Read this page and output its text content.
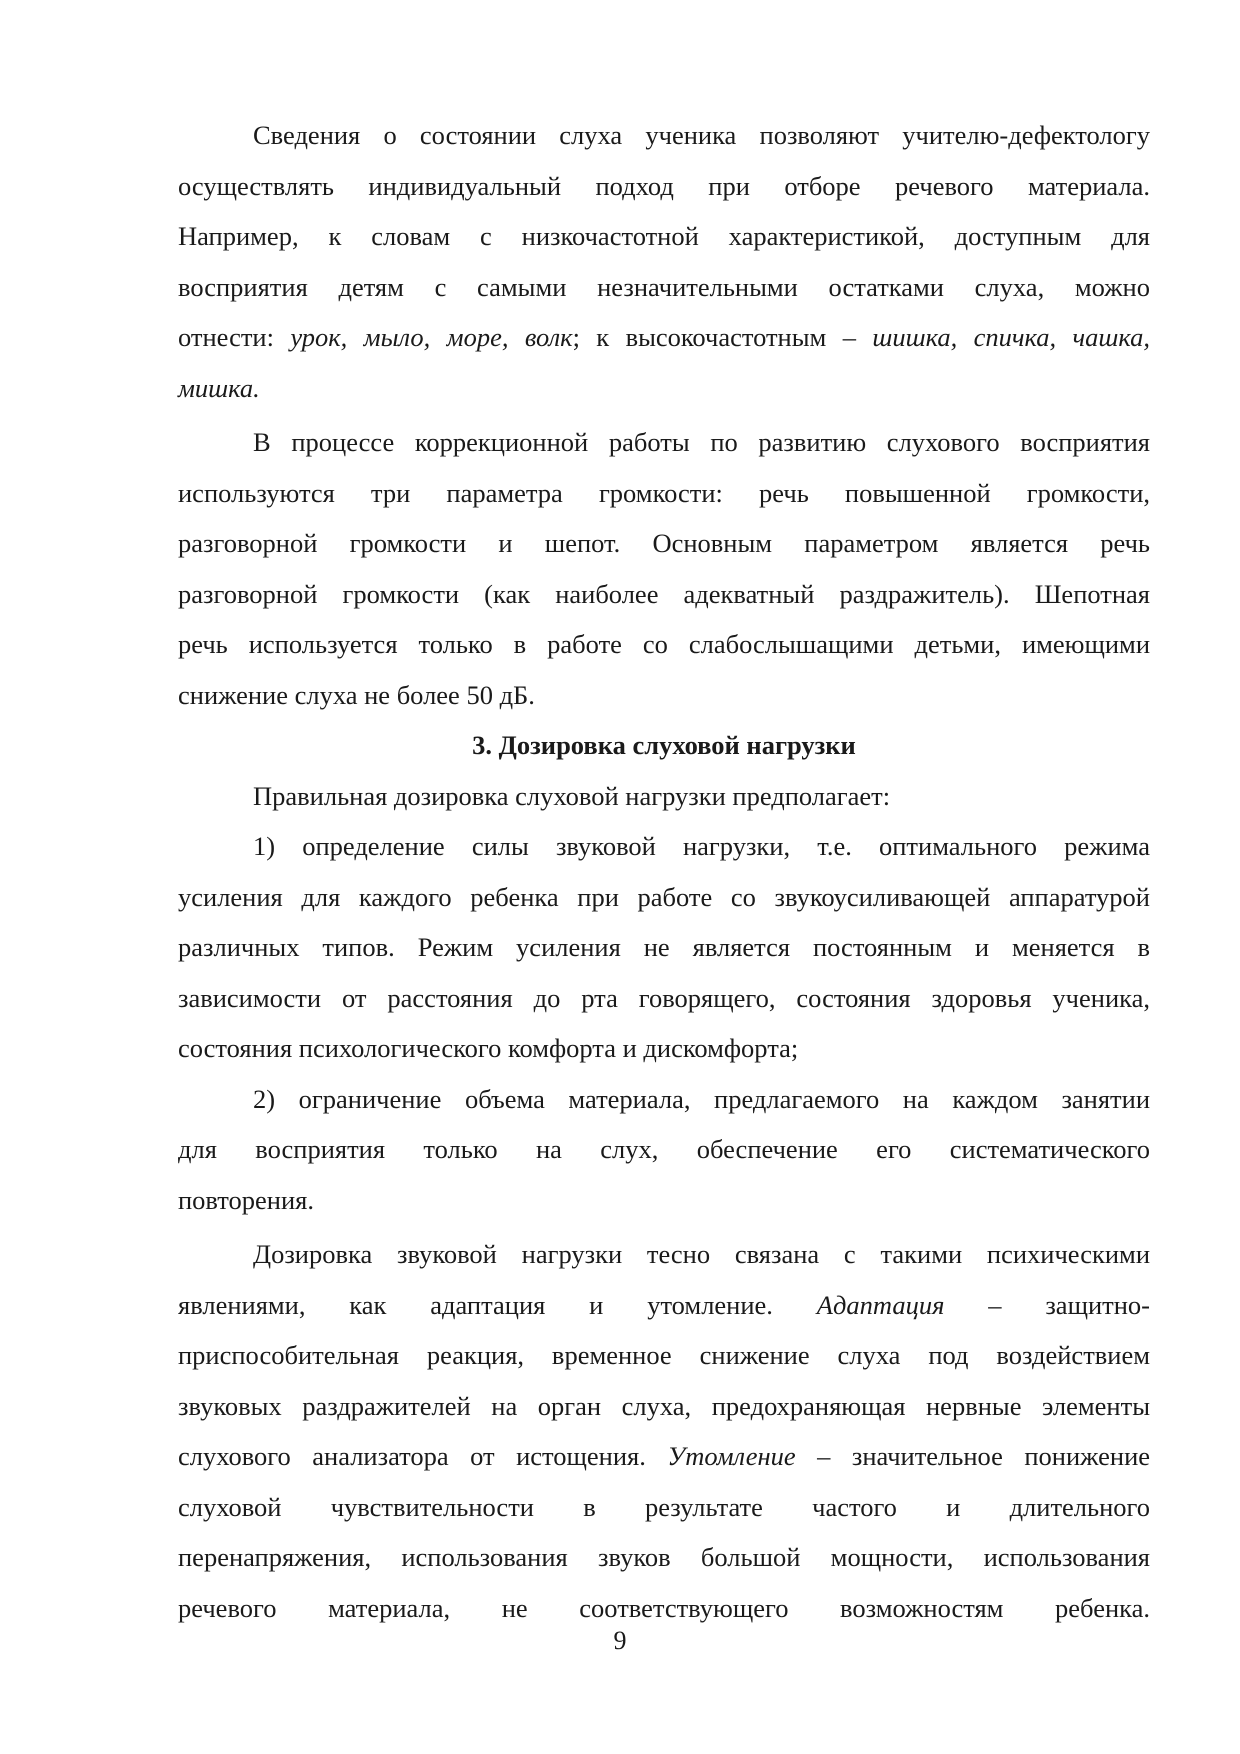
Сведения о состоянии слуха ученика позволяют учителю-дефектологу
осуществлять индивидуальный подход при отборе речевого материала.
Например, к словам с низкочастотной характеристикой, доступным для
восприятия детям с самыми незначительными остатками слуха, можно
отнести: урок, мыло, море, волк; к высокочастотным – шишка, спичка, чашка,
мишка.
В процессе коррекционной работы по развитию слухового восприятия
используются три параметра громкости: речь повышенной громкости,
разговорной громкости и шепот. Основным параметром является речь
разговорной громкости (как наиболее адекватный раздражитель). Шепотная
речь используется только в работе со слабослышащими детьми, имеющими
снижение слуха не более 50 дБ.
3. Дозировка слуховой нагрузки
Правильная дозировка слуховой нагрузки предполагает:
1) определение силы звуковой нагрузки, т.е. оптимального режима
усиления для каждого ребенка при работе со звукоусиливающей аппаратурой
различных типов. Режим усиления не является постоянным и меняется в
зависимости от расстояния до рта говорящего, состояния здоровья ученика,
состояния психологического комфорта и дискомфорта;
2) ограничение объема материала, предлагаемого на каждом занятии
для восприятия только на слух, обеспечение его систематического
повторения.
Дозировка звуковой нагрузки тесно связана с такими психическими
явлениями, как адаптация и утомление. Адаптация – защитно-
приспособительная реакция, временное снижение слуха под воздействием
звуковых раздражителей на орган слуха, предохраняющая нервные элементы
слухового анализатора от истощения. Утомление – значительное понижение
слуховой чувствительности в результате частого и длительного
перенапряжения, использования звуков большой мощности, использования
речевого материала, не соответствующего возможностям ребенка.
9
